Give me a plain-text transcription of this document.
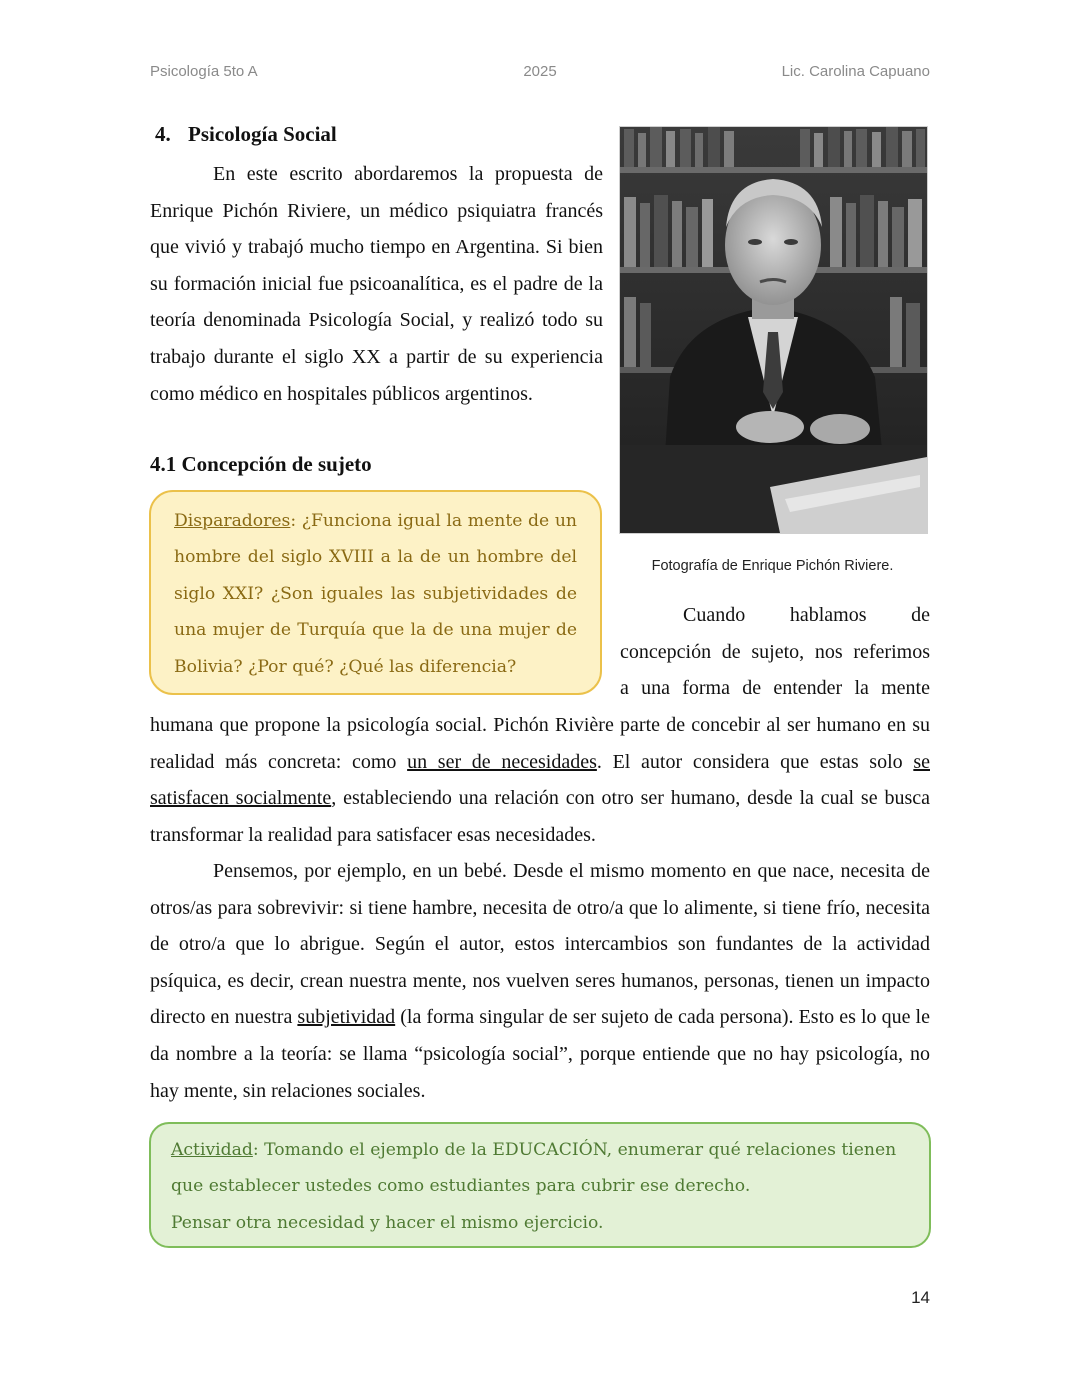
Psicología 5to A	2025	Lic. Carolina Capuano
4. Psicología Social
En este escrito abordaremos la propuesta de Enrique Pichón Riviere, un médico psiquiatra francés que vivió y trabajó mucho tiempo en Argentina. Si bien su formación inicial fue psicoanalítica, es el padre de la teoría denominada Psicología Social, y realizó todo su trabajo durante el siglo XX a partir de su experiencia como médico en hospitales públicos argentinos.
4.1 Concepción de sujeto
Fotografía de Enrique Pichón Riviere.
Disparadores: ¿Funciona igual la mente de un hombre del siglo XVIII a la de un hombre del siglo XXI? ¿Son iguales las subjetividades de una mujer de Turquía que la de una mujer de Bolivia? ¿Por qué? ¿Qué las diferencia?
Cuando hablamos de
concepción de sujeto, nos referimos
a una forma de entender la mente
humana que propone la psicología social. Pichón Rivière parte de concebir al ser humano en su realidad más concreta: como un ser de necesidades. El autor considera que estas solo se satisfacen socialmente, estableciendo una relación con otro ser humano, desde la cual se busca transformar la realidad para satisfacer esas necesidades.
Pensemos, por ejemplo, en un bebé. Desde el mismo momento en que nace, necesita de otros/as para sobrevivir: si tiene hambre, necesita de otro/a que lo alimente, si tiene frío, necesita de otro/a que lo abrigue. Según el autor, estos intercambios son fundantes de la actividad psíquica, es decir, crean nuestra mente, nos vuelven seres humanos, personas, tienen un impacto directo en nuestra subjetividad (la forma singular de ser sujeto de cada persona). Esto es lo que le da nombre a la teoría: se llama “psicología social”, porque entiende que no hay psicología, no hay mente, sin relaciones sociales.
Actividad: Tomando el ejemplo de la EDUCACIÓN, enumerar qué relaciones tienen que establecer ustedes como estudiantes para cubrir ese derecho.
Pensar otra necesidad y hacer el mismo ejercicio.
14
